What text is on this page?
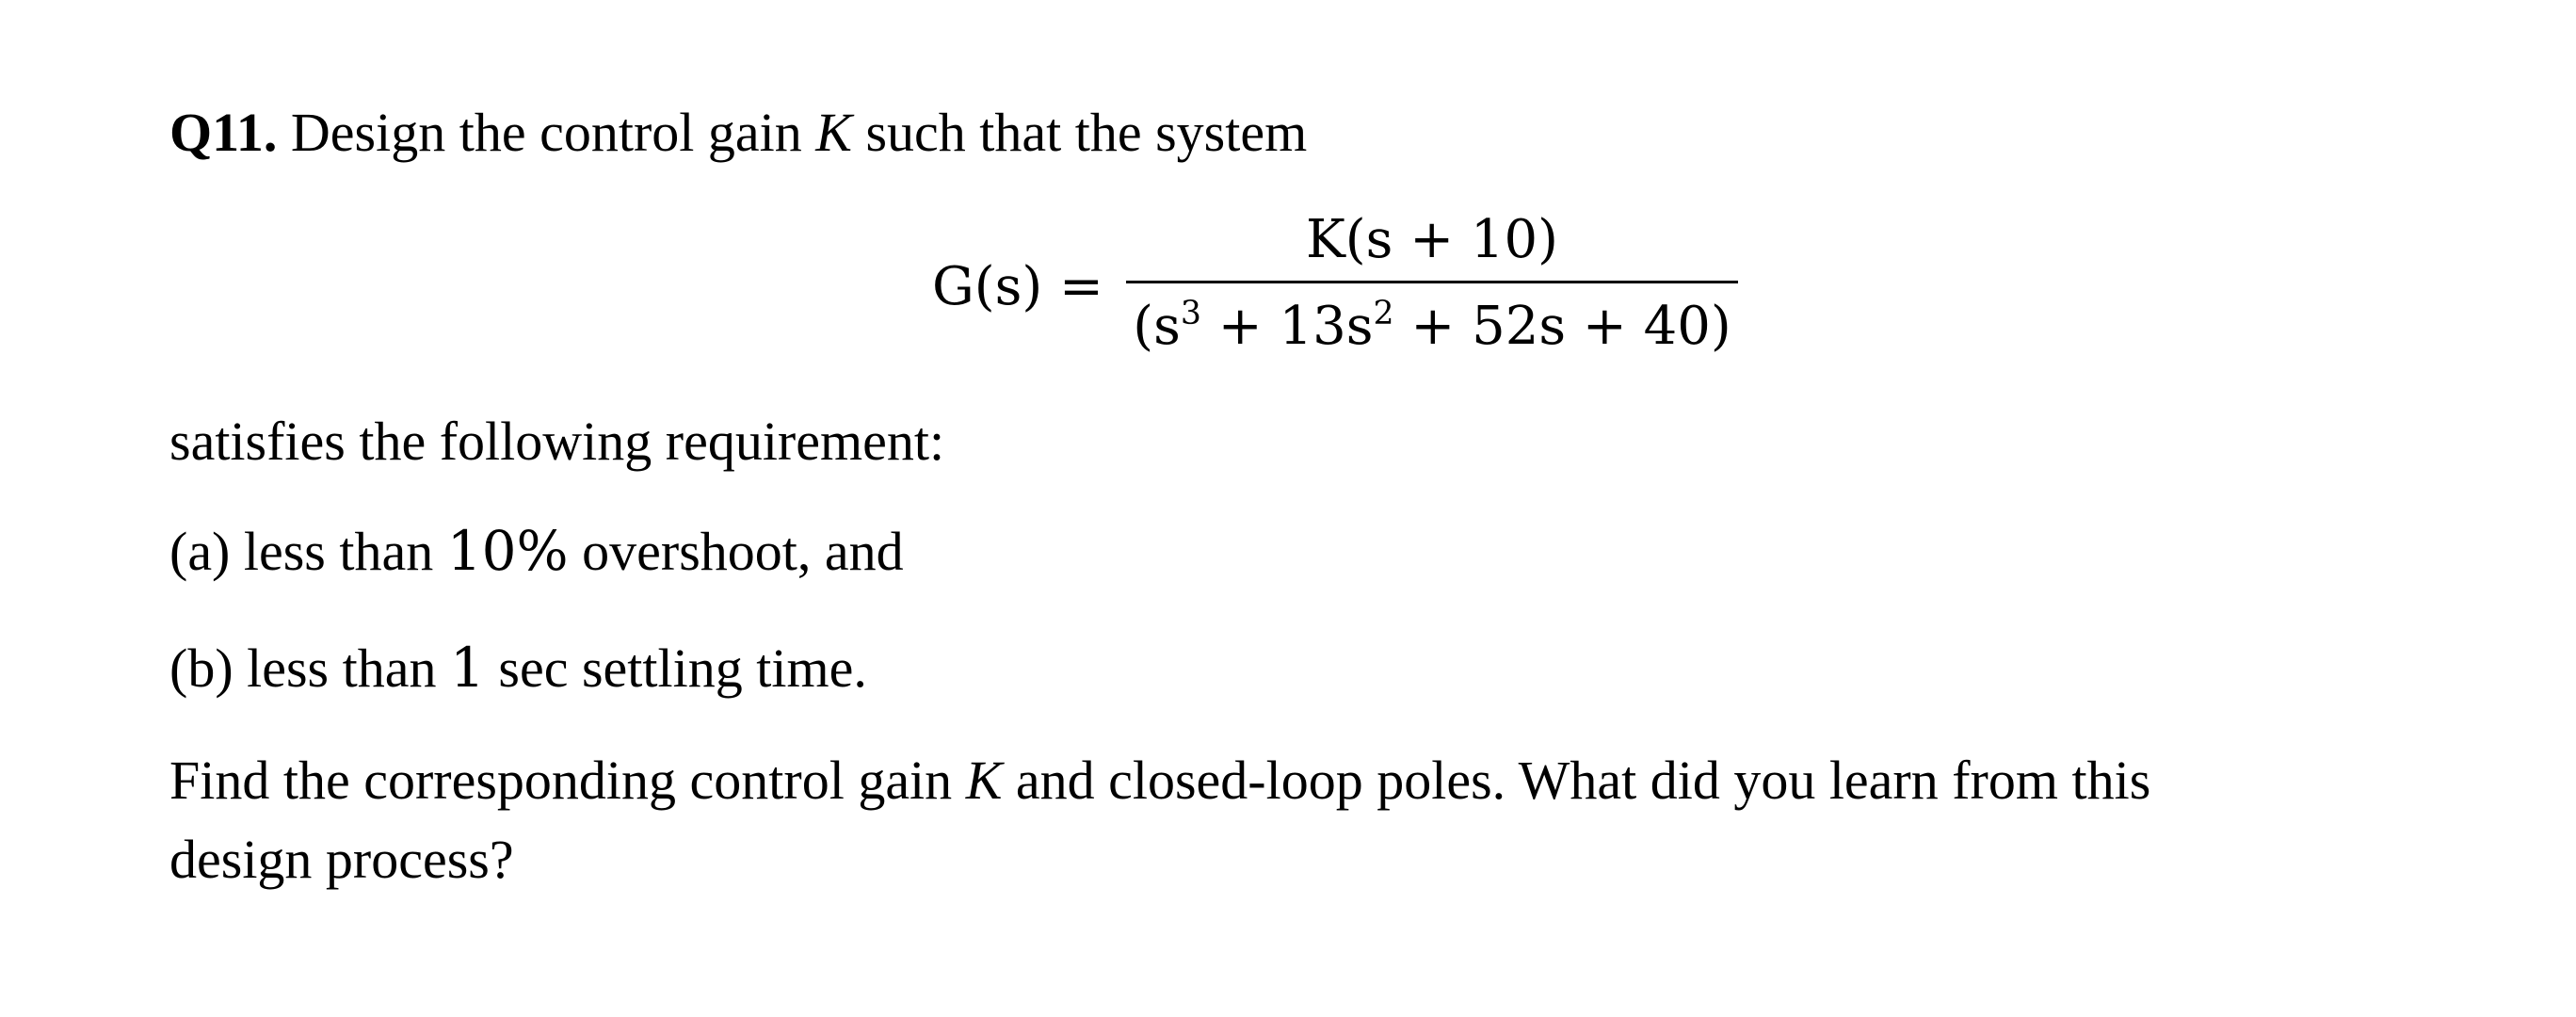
Q11. Design the control gain K such that the system
G(s) =
K(s + 10)
$(s^3 + 13s^2 + 52s + 40)$
satisfies the following requirement:
(a) less than 10% overshoot, and
(b) less than 1 sec settling time.
Find the corresponding control gain K and closed-loop poles. What did you learn from this
design process?
